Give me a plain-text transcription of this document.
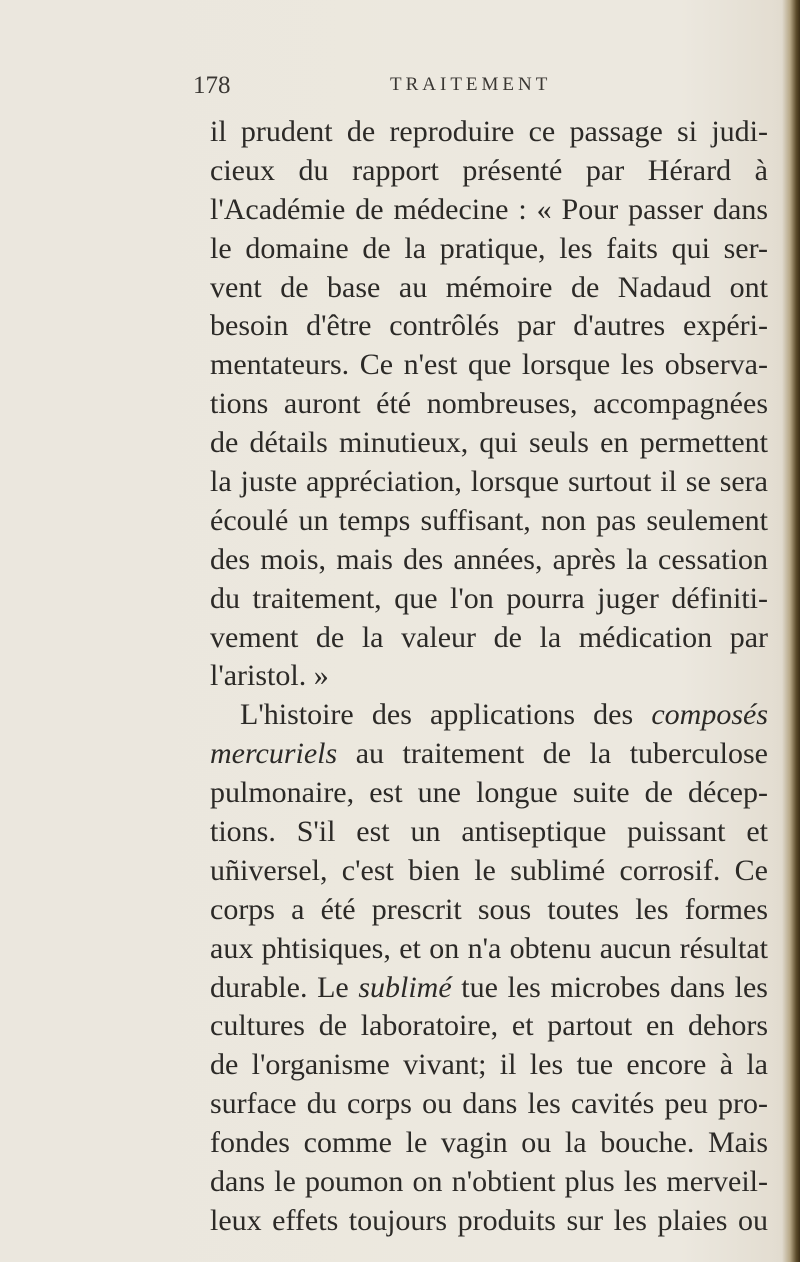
178	TRAITEMENT
il prudent de reproduire ce passage si judi-
cieux du rapport présenté par Hérard à
l'Académie de médecine : « Pour passer dans
le domaine de la pratique, les faits qui ser-
vent de base au mémoire de Nadaud ont
besoin d'être contrôlés par d'autres expéri-
mentateurs. Ce n'est que lorsque les observa-
tions auront été nombreuses, accompagnées
de détails minutieux, qui seuls en permettent
la juste appréciation, lorsque surtout il se sera
écoulé un temps suffisant, non pas seulement
des mois, mais des années, après la cessation
du traitement, que l'on pourra juger définiti-
vement de la valeur de la médication par
l'aristol. »
L'histoire des applications des composés
mercuriels au traitement de la tuberculose
pulmonaire, est une longue suite de décep-
tions. S'il est un antiseptique puissant et
uñiversel, c'est bien le sublimé corrosif. Ce
corps a été prescrit sous toutes les formes
aux phtisiques, et on n'a obtenu aucun résultat
durable. Le sublimé tue les microbes dans les
cultures de laboratoire, et partout en dehors
de l'organisme vivant; il les tue encore à la
surface du corps ou dans les cavités peu pro-
fondes comme le vagin ou la bouche. Mais
dans le poumon on n'obtient plus les merveil-
leux effets toujours produits sur les plaies ou
